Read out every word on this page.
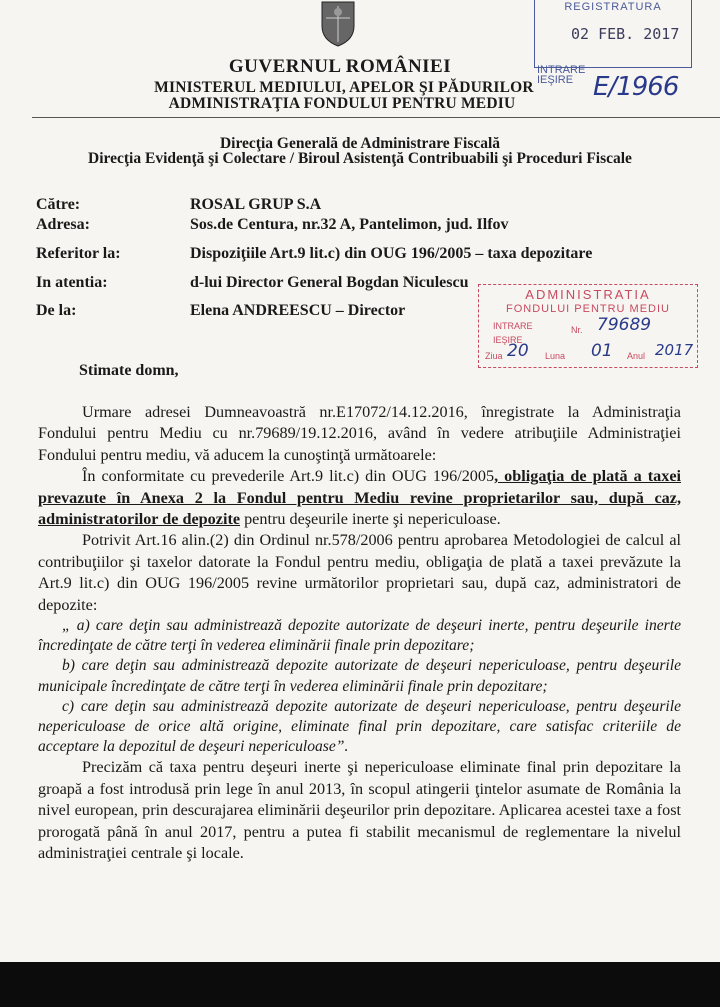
REGISTRATURA
02 FEB. 2017
INTRARE
IEŞIRE E/1966
GUVERNUL ROMÂNIEI
MINISTERUL MEDIULUI, APELOR ŞI PĂDURILOR
ADMINISTRAŢIA FONDULUI PENTRU MEDIU
Direcţia Generală de Administrare Fiscală
Direcţia Evidenţă şi Colectare / Biroul Asistenţă Contribuabili şi Proceduri Fiscale
Către:	ROSAL GRUP S.A
Adresa:	Sos.de Centura, nr.32 A, Pantelimon, jud. Ilfov
Referitor la:	Dispoziţiile Art.9 lit.c) din OUG 196/2005 – taxa depozitare
In atentia:	d-lui Director General Bogdan Niculescu
De la:	Elena ANDREESCU – Director
ADMINISTRATIA
FONDULUI PENTRU MEDIU
INTRARE	Nr. 79689
IEŞIRE
Ziua 20 Luna 01 Anul 2017
Stimate domn,

Urmare adresei Dumneavoastră nr.E17072/14.12.2016, înregistrate la Administraţia Fondului pentru Mediu cu nr.79689/19.12.2016, având în vedere atribuţiile Administraţiei Fondului pentru mediu, vă aducem la cunoştinţă următoarele:

În conformitate cu prevederile Art.9 lit.c) din OUG 196/2005, obligaţia de plată a taxei prevazute în Anexa 2 la Fondul pentru Mediu revine proprietarilor sau, după caz, administratorilor de depozite pentru deşeurile inerte şi nepericuloase.

Potrivit Art.16 alin.(2) din Ordinul nr.578/2006 pentru aprobarea Metodologiei de calcul al contribuţiilor şi taxelor datorate la Fondul pentru mediu, obligaţia de plată a taxei prevăzute la Art.9 lit.c) din OUG 196/2005 revine următorilor proprietari sau, după caz, administratori de depozite:

„ a) care deţin sau administrează depozite autorizate de deşeuri inerte, pentru deşeurile inerte încredinţate de către terţi în vederea eliminării finale prin depozitare;

b) care deţin sau administrează depozite autorizate de deşeuri nepericuloase, pentru deşeurile municipale încredinţate de către terţi în vederea eliminării finale prin depozitare;

c) care deţin sau administrează depozite autorizate de deşeuri nepericuloase, pentru deşeurile nepericuloase de orice altă origine, eliminate final prin depozitare, care satisfac criteriile de acceptare la depozitul de deşeuri nepericuloase”.

Precizăm că taxa pentru deşeuri inerte şi nepericuloase eliminate final prin depozitare la groapă a fost introdusă prin lege în anul 2013, în scopul atingerii ţintelor asumate de România la nivel european, prin descurajarea eliminării deşeurilor prin depozitare. Aplicarea acestei taxe a fost prorogată până în anul 2017, pentru a putea fi stabilit mecanismul de reglementare la nivelul administraţiei centrale şi locale.
